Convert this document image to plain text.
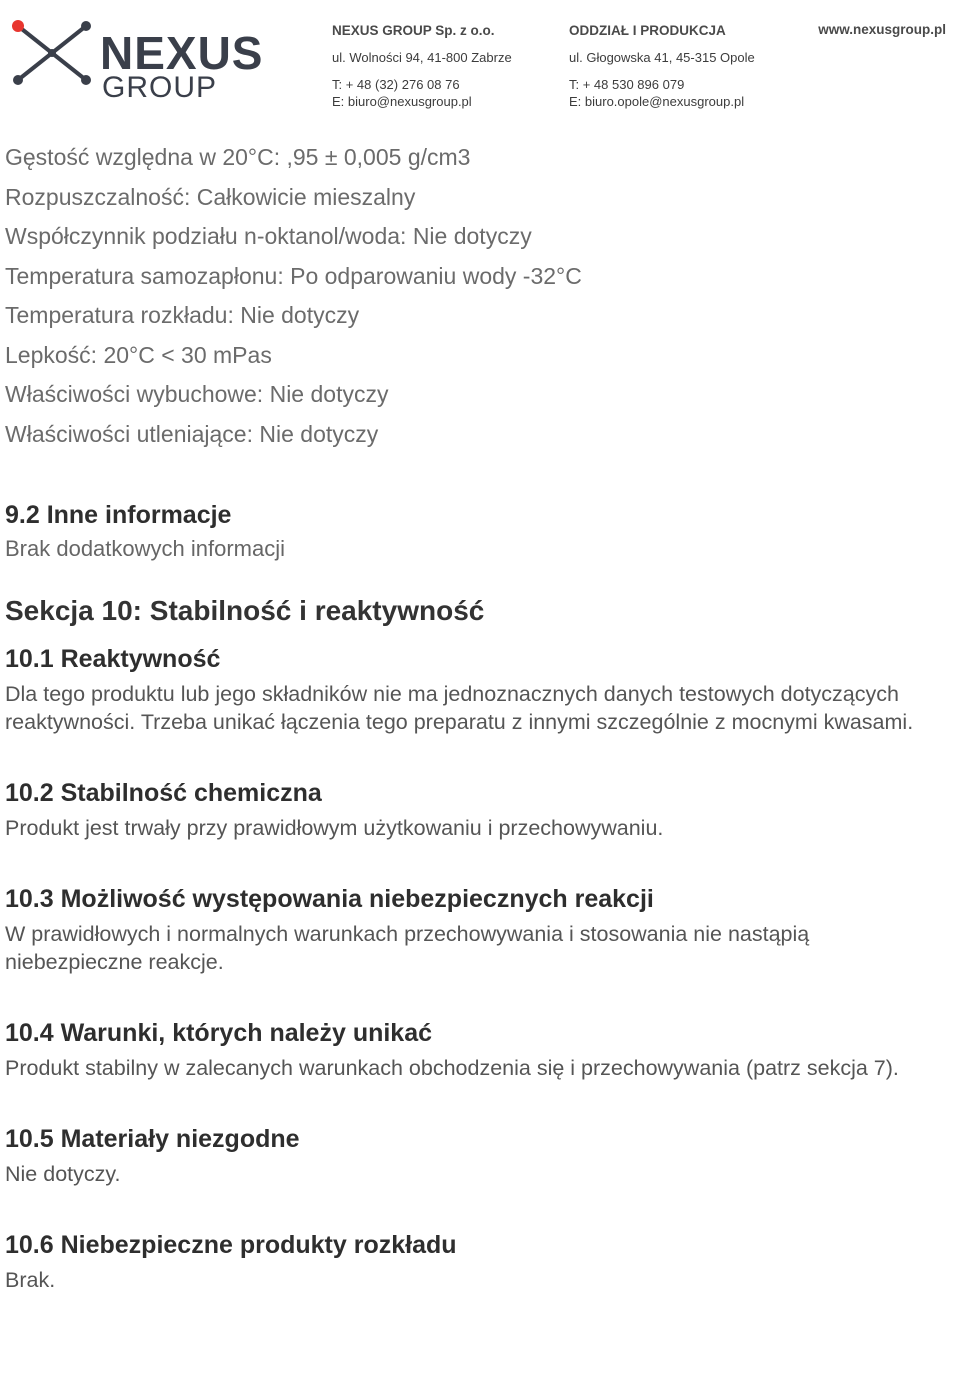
NEXUS
GROUP
NEXUS GROUP Sp. z o.o.
ul. Wolności 94, 41-800 Zabrze
T: + 48 (32) 276 08 76
E: biuro@nexusgroup.pl
ODDZIAŁ I PRODUKCJA
ul. Głogowska 41, 45-315 Opole
T: + 48 530 896 079
E: biuro.opole@nexusgroup.pl
www.nexusgroup.pl

Gęstość względna w 20°C: ,95 ± 0,005 g/cm3

Rozpuszczalność: Całkowicie mieszalny

Współczynnik podziału n-oktanol/woda: Nie dotyczy

Temperatura samozapłonu: Po odparowaniu wody -32°C

Temperatura rozkładu: Nie dotyczy

Lepkość: 20°C < 30 mPas

Właściwości wybuchowe: Nie dotyczy

Właściwości utleniające: Nie dotyczy

9.2 Inne informacje

Brak dodatkowych informacji

Sekcja 10: Stabilność i reaktywność

10.1 Reaktywność

Dla tego produktu lub jego składników nie ma jednoznacznych danych testowych dotyczących reaktywności. Trzeba unikać łączenia tego preparatu z innymi szczególnie z mocnymi kwasami.

10.2 Stabilność chemiczna

Produkt jest trwały przy prawidłowym użytkowaniu i przechowywaniu.

10.3 Możliwość występowania niebezpiecznych reakcji

W prawidłowych i normalnych warunkach przechowywania i stosowania nie nastąpią niebezpieczne reakcje.

10.4 Warunki, których należy unikać

Produkt stabilny w zalecanych warunkach obchodzenia się i przechowywania (patrz sekcja 7).

10.5 Materiały niezgodne

Nie dotyczy.

10.6 Niebezpieczne produkty rozkładu

Brak.
